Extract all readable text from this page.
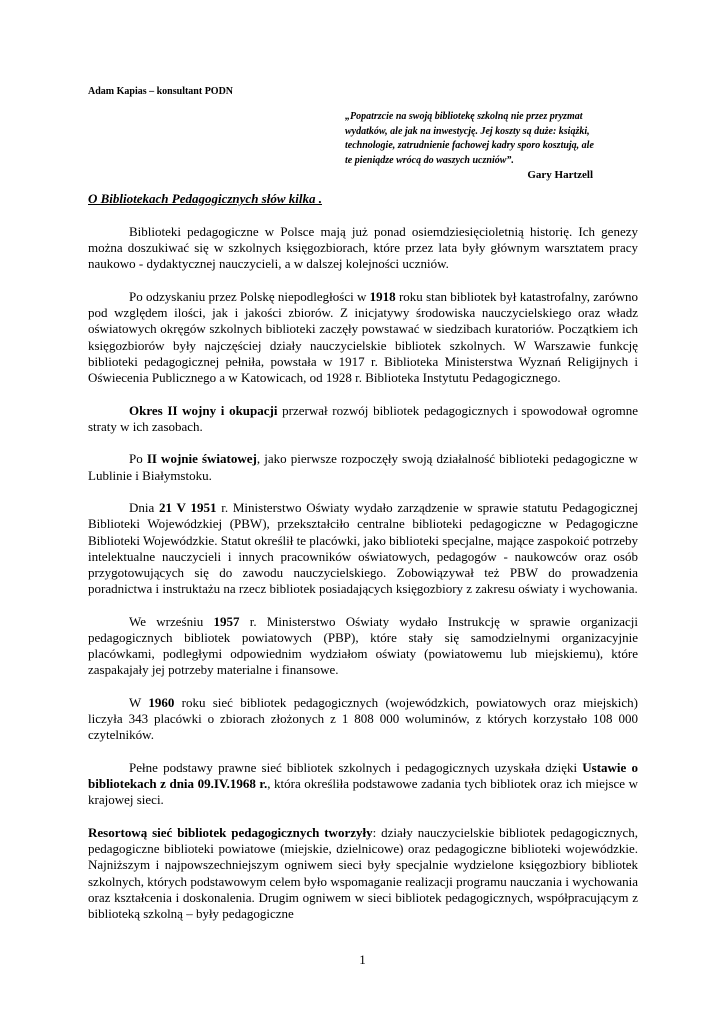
Adam Kapias – konsultant PODN

„Popatrzcie na swoją bibliotekę szkolną nie przez pryzmat wydatków, ale jak na inwestycję. Jej koszty są duże: książki, technologie, zatrudnienie fachowej kadry sporo kosztują, ale te pieniądze wrócą do waszych uczniów”.

Gary Hartzell

O Bibliotekach Pedagogicznych słów kilka .

Biblioteki pedagogiczne w Polsce mają już ponad osiemdziesięcioletnią historię. Ich genezy można doszukiwać się w szkolnych księgozbiorach, które przez lata były głównym warsztatem pracy naukowo - dydaktycznej nauczycieli, a w dalszej kolejności uczniów.

Po odzyskaniu przez Polskę niepodległości w 1918 roku stan bibliotek był katastrofalny, zarówno pod względem ilości, jak i jakości zbiorów. Z inicjatywy środowiska nauczycielskiego oraz władz oświatowych okręgów szkolnych biblioteki zaczęły powstawać w siedzibach kuratoriów. Początkiem ich księgozbiorów były najczęściej działy nauczycielskie bibliotek szkolnych. W Warszawie funkcję biblioteki pedagogicznej pełniła, powstała w 1917 r. Biblioteka Ministerstwa Wyznań Religijnych i Oświecenia Publicznego a w Katowicach, od 1928 r. Biblioteka Instytutu Pedagogicznego.

Okres II wojny i okupacji przerwał rozwój bibliotek pedagogicznych i spowodował ogromne straty w ich zasobach.

Po II wojnie światowej, jako pierwsze rozpoczęły swoją działalność biblioteki pedagogiczne w Lublinie i Białymstoku.

Dnia 21 V 1951 r. Ministerstwo Oświaty wydało zarządzenie w sprawie statutu Pedagogicznej Biblioteki Wojewódzkiej (PBW), przekształciło centralne biblioteki pedagogiczne w Pedagogiczne Biblioteki Wojewódzkie. Statut określił te placówki, jako biblioteki specjalne, mające zaspokoić potrzeby intelektualne nauczycieli i innych pracowników oświatowych, pedagogów - naukowców oraz osób przygotowujących się do zawodu nauczycielskiego. Zobowiązywał też PBW do prowadzenia poradnictwa i instruktażu na rzecz bibliotek posiadających księgozbiory z zakresu oświaty i wychowania.

We wrześniu 1957 r. Ministerstwo Oświaty wydało Instrukcję w sprawie organizacji pedagogicznych bibliotek powiatowych (PBP), które stały się samodzielnymi organizacyjnie placówkami, podległymi odpowiednim wydziałom oświaty (powiatowemu lub miejskiemu), które zaspakajały jej potrzeby materialne i finansowe.

W 1960 roku sieć bibliotek pedagogicznych (wojewódzkich, powiatowych oraz miejskich) liczyła 343 placówki o zbiorach złożonych z 1 808 000 woluminów, z których korzystało 108 000 czytelników.

Pełne podstawy prawne sieć bibliotek szkolnych i pedagogicznych uzyskała dzięki Ustawie o bibliotekach z dnia 09.IV.1968 r., która określiła podstawowe zadania tych bibliotek oraz ich miejsce w krajowej sieci.

Resortową sieć bibliotek pedagogicznych tworzyły: działy nauczycielskie bibliotek pedagogicznych, pedagogiczne biblioteki powiatowe (miejskie, dzielnicowe) oraz pedagogiczne biblioteki wojewódzkie. Najniższym i najpowszechniejszym ogniwem sieci były specjalnie wydzielone księgozbiory bibliotek szkolnych, których podstawowym celem było wspomaganie realizacji programu nauczania i wychowania oraz kształcenia i doskonalenia. Drugim ogniwem w sieci bibliotek pedagogicznych, współpracującym z biblioteką szkolną – były pedagogiczne

1
